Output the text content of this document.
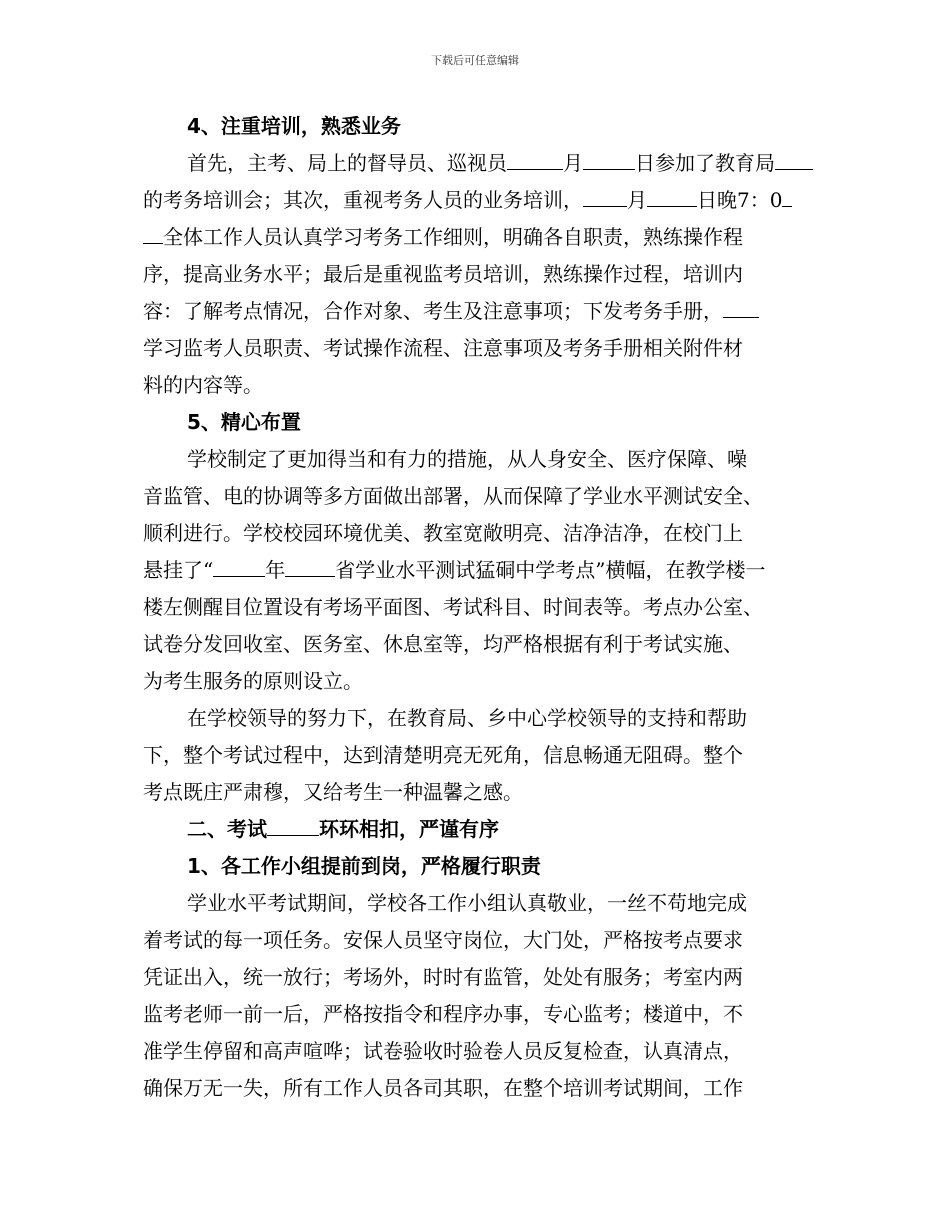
下载后可任意编辑
4、注重培训，熟悉业务
首先，主考、局上的督导员、巡视员	月	日参加了教育局
的考务培训会；其次，重视考务人员的业务培训， 月	日晚7：0
全体工作人员认真学习考务工作细则，明确各自职责，熟练操作程
序，提高业务水平；最后是重视监考员培训，熟练操作过程，培训内
容：了解考点情况，合作对象、考生及注意事项；下发考务手册，
学习监考人员职责、考试操作流程、注意事项及考务手册相关附件材
料的内容等。
5、精心布置
学校制定了更加得当和有力的措施，从人身安全、医疗保障、噪
音监管、电的协调等多方面做出部署，从而保障了学业水平测试安全、
顺利进行。学校校园环境优美、教室宽敞明亮、洁净洁净，在校门上
悬挂了“	年	省学业水平测试猛硐中学考点”横幅，在教学楼一
楼左侧醒目位置设有考场平面图、考试科目、时间表等。考点办公室、
试卷分发回收室、医务室、休息室等，均严格根据有利于考试实施、
为考生服务的原则设立。
在学校领导的努力下，在教育局、乡中心学校领导的支持和帮助
下，整个考试过程中，达到清楚明亮无死角，信息畅通无阻碍。整个
考点既庄严肃穆，又给考生一种温馨之感。
二、考试	环环相扣，严谨有序
1、各工作小组提前到岗，严格履行职责
学业水平考试期间，学校各工作小组认真敬业，一丝不苟地完成
着考试的每一项任务。安保人员坚守岗位，大门处，严格按考点要求
凭证出入，统一放行；考场外，时时有监管，处处有服务；考室内两
监考老师一前一后，严格按指令和程序办事，专心监考；楼道中，不
准学生停留和高声喧哗；试卷验收时验卷人员反复检查，认真清点，
确保万无一失，所有工作人员各司其职，在整个培训考试期间，工作
